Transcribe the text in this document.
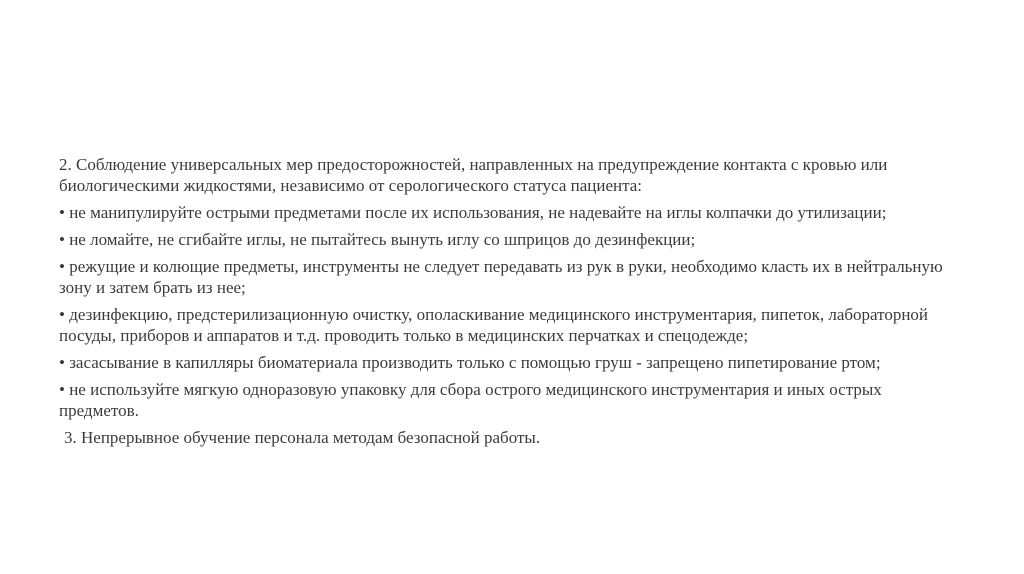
2. Соблюдение универсальных мер предосторожностей, направленных на предупреждение контакта с кровью или биологическими жидкостями, независимо от серологического статуса пациента:

• не манипулируйте острыми предметами после их использования, не надевайте на иглы колпачки до утилизации;

• не ломайте, не сгибайте иглы, не пытайтесь вынуть иглу со шприцов до дезинфекции;

• режущие и колющие предметы, инструменты не следует передавать из рук в руки, необходимо класть их в нейтральную зону и затем брать из нее;

• дезинфекцию, предстерилизационную очистку, ополаскивание медицинского инструментария, пипеток, лабораторной посуды, приборов и аппаратов и т.д. проводить только в медицинских перчатках и спецодежде;

• засасывание в капилляры биоматериала производить только с помощью груш - запрещено пипетирование ртом;

• не используйте мягкую одноразовую упаковку для сбора острого медицинского инструментария и иных острых предметов.

3. Непрерывное обучение персонала методам безопасной работы.
